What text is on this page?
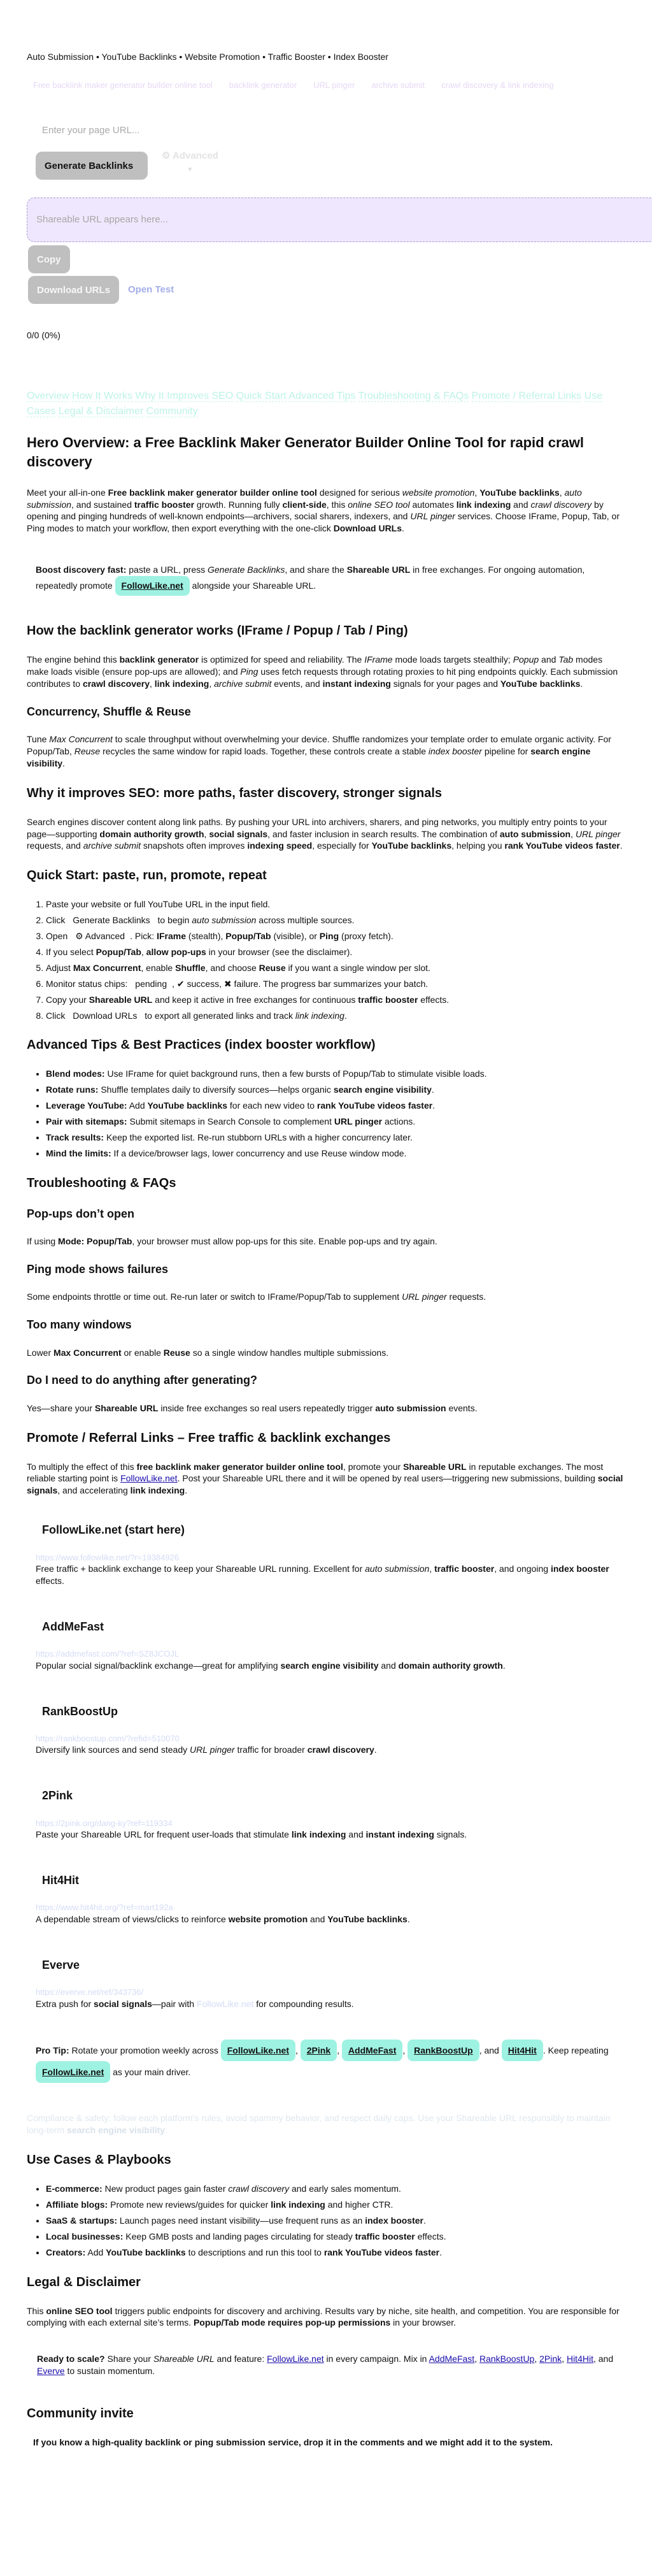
Auto Submission • YouTube Backlinks • Website Promotion • Traffic Booster • Index Booster

Free backlink maker generator builder online tool backlink generator URL pinger archive submit crawl discovery & link indexing
Enter your page URL...
Generate Backlinks
⚙ Advanced
▼
Shareable URL appears here...
Copy
Download URLs	Open Test
0/0 (0%)
Overview How It Works Why It Improves SEO Quick Start Advanced Tips Troubleshooting & FAQs Promote / Referral Links Use Cases Legal & Disclaimer Community
Hero Overview: a Free Backlink Maker Generator Builder Online Tool for rapid crawl discovery

Meet your all-in-one Free backlink maker generator builder online tool designed for serious website promotion, YouTube backlinks, auto submission, and sustained traffic booster growth. Running fully client-side, this online SEO tool automates link indexing and crawl discovery by opening and pinging hundreds of well-known endpoints—archivers, social sharers, indexers, and URL pinger services. Choose IFrame, Popup, Tab, or Ping modes to match your workflow, then export everything with the one-click Download URLs.

Boost discovery fast: paste a URL, press Generate Backlinks, and share the Shareable URL in free exchanges. For ongoing automation, repeatedly promote FollowLike.net alongside your Shareable URL.
How the backlink generator works (IFrame / Popup / Tab / Ping)

The engine behind this backlink generator is optimized for speed and reliability. The IFrame mode loads targets stealthily; Popup and Tab modes make loads visible (ensure pop-ups are allowed); and Ping uses fetch requests through rotating proxies to hit ping endpoints quickly. Each submission contributes to crawl discovery, link indexing, archive submit events, and instant indexing signals for your pages and YouTube backlinks.

Concurrency, Shuffle & Reuse

Tune Max Concurrent to scale throughput without overwhelming your device. Shuffle randomizes your template order to emulate organic activity. For Popup/Tab, Reuse recycles the same window for rapid loads. Together, these controls create a stable index booster pipeline for search engine visibility.

Why it improves SEO: more paths, faster discovery, stronger signals

Search engines discover content along link paths. By pushing your URL into archivers, sharers, and ping networks, you multiply entry points to your page—supporting domain authority growth, social signals, and faster inclusion in search results. The combination of auto submission, URL pinger requests, and archive submit snapshots often improves indexing speed, especially for YouTube backlinks, helping you rank YouTube videos faster.

Quick Start: paste, run, promote, repeat
1. Paste your website or full YouTube URL in the input field.
2. Click Generate Backlinks to begin auto submission across multiple sources.
3. Open ⚙ Advanced . Pick: IFrame (stealth), Popup/Tab (visible), or Ping (proxy fetch).
4. If you select Popup/Tab, allow pop-ups in your browser (see the disclaimer).
5. Adjust Max Concurrent, enable Shuffle, and choose Reuse if you want a single window per slot.
6. Monitor status chips: pending , ✔ success, ✖ failure. The progress bar summarizes your batch.
7. Copy your Shareable URL and keep it active in free exchanges for continuous traffic booster effects.
8. Click Download URLs to export all generated links and track link indexing.
Advanced Tips & Best Practices (index booster workflow)
• Blend modes: Use IFrame for quiet background runs, then a few bursts of Popup/Tab to stimulate visible loads.
• Rotate runs: Shuffle templates daily to diversify sources—helps organic search engine visibility.
• Leverage YouTube: Add YouTube backlinks for each new video to rank YouTube videos faster.
• Pair with sitemaps: Submit sitemaps in Search Console to complement URL pinger actions.
• Track results: Keep the exported list. Re-run stubborn URLs with a higher concurrency later.
• Mind the limits: If a device/browser lags, lower concurrency and use Reuse window mode.
Troubleshooting & FAQs
Pop-ups don’t open

If using Mode: Popup/Tab, your browser must allow pop-ups for this site. Enable pop-ups and try again.

Ping mode shows failures

Some endpoints throttle or time out. Re-run later or switch to IFrame/Popup/Tab to supplement URL pinger requests.

Too many windows

Lower Max Concurrent or enable Reuse so a single window handles multiple submissions.

Do I need to do anything after generating?

Yes—share your Shareable URL inside free exchanges so real users repeatedly trigger auto submission events.

Promote / Referral Links – Free traffic & backlink exchanges

To multiply the effect of this free backlink maker generator builder online tool, promote your Shareable URL in reputable exchanges. The most reliable starting point is FollowLike.net. Post your Shareable URL there and it will be opened by real users—triggering new submissions, building social signals, and accelerating link indexing.

FollowLike.net (start here)
https://www.followlike.net/?r=19384926

Free traffic + backlink exchange to keep your Shareable URL running. Excellent for auto submission, traffic booster, and ongoing index booster effects.

AddMeFast
https://addmefast.com/?ref=SZ8JCOJL

Popular social signal/backlink exchange—great for amplifying search engine visibility and domain authority growth.

RankBoostUp
https://rankboostup.com/?refid=510070

Diversify link sources and send steady URL pinger traffic for broader crawl discovery.

2Pink
https://2pink.org/dang-ky?ref=119334

Paste your Shareable URL for frequent user-loads that stimulate link indexing and instant indexing signals.

Hit4Hit
https://www.hit4hit.org/?ref=mart192a

A dependable stream of views/clicks to reinforce website promotion and YouTube backlinks.

Everve
https://everve.net/ref/343736/

Extra push for social signals—pair with FollowLike.net for compounding results.

Pro Tip: Rotate your promotion weekly across FollowLike.net , 2Pink , AddMeFast , RankBoostUp , and Hit4Hit . Keep repeating FollowLike.net as your main driver.

Compliance & safety: follow each platform's rules, avoid spammy behavior, and respect daily caps. Use your Shareable URL responsibly to maintain long-term search engine visibility.

Use Cases & Playbooks
• E-commerce: New product pages gain faster crawl discovery and early sales momentum.
• Affiliate blogs: Promote new reviews/guides for quicker link indexing and higher CTR.
• SaaS & startups: Launch pages need instant visibility—use frequent runs as an index booster.
• Local businesses: Keep GMB posts and landing pages circulating for steady traffic booster effects.
• Creators: Add YouTube backlinks to descriptions and run this tool to rank YouTube videos faster.
Legal & Disclaimer

This online SEO tool triggers public endpoints for discovery and archiving. Results vary by niche, site health, and competition. You are responsible for complying with each external site’s terms. Popup/Tab mode requires pop-up permissions in your browser.

Ready to scale? Share your Shareable URL and feature: FollowLike.net in every campaign. Mix in AddMeFast, RankBoostUp, 2Pink, Hit4Hit, and Everve to sustain momentum.
Community invite

If you know a high-quality backlink or ping submission service, drop it in the comments and we might add it to the system.
